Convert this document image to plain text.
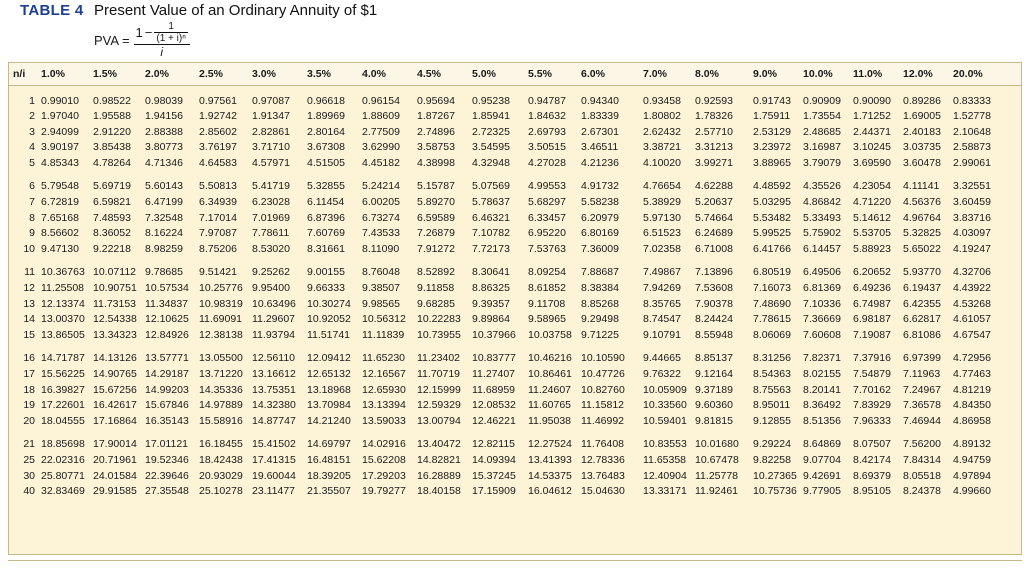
TABLE 4 Present Value of an Ordinary Annuity of $1
PVA = $1 - \frac{1}{\text{(1 + i)ⁿ}}$
i
n/i	1.0%	1.5%	2.0%	2.5%	3.0%	3.5%	4.0%	4.5%	5.0%	5.5%	6.0%	7.0%	8.0%	9.0%	10.0%	11.0%	12.0%	20.0%

1	0.99010	0.98522	0.98039	0.97561	0.97087	0.96618	0.96154	0.95694	0.95238	0.94787	0.94340	0.93458	0.92593	0.91743	0.90909	0.90090	0.89286	0.83333
2	1.97040	1.95588	1.94156	1.92742	1.91347	1.89969	1.88609	1.87267	1.85941	1.84632	1.83339	1.80802	1.78326	1.75911	1.73554	1.71252	1.69005	1.52778
3	2.94099	2.91220	2.88388	2.85602	2.82861	2.80164	2.77509	2.74896	2.72325	2.69793	2.67301	2.62432	2.57710	2.53129	2.48685	2.44371	2.40183	2.10648
4	3.90197	3.85438	3.80773	3.76197	3.71710	3.67308	3.62990	3.58753	3.54595	3.50515	3.46511	3.38721	3.31213	3.23972	3.16987	3.10245	3.03735	2.58873
5	4.85343	4.78264	4.71346	4.64583	4.57971	4.51505	4.45182	4.38998	4.32948	4.27028	4.21236	4.10020	3.99271	3.88965	3.79079	3.69590	3.60478	2.99061

6	5.79548	5.69719	5.60143	5.50813	5.41719	5.32855	5.24214	5.15787	5.07569	4.99553	4.91732	4.76654	4.62288	4.48592	4.35526	4.23054	4.11141	3.32551
7	6.72819	6.59821	6.47199	6.34939	6.23028	6.11454	6.00205	5.89270	5.78637	5.68297	5.58238	5.38929	5.20637	5.03295	4.86842	4.71220	4.56376	3.60459
8	7.65168	7.48593	7.32548	7.17014	7.01969	6.87396	6.73274	6.59589	6.46321	6.33457	6.20979	5.97130	5.74664	5.53482	5.33493	5.14612	4.96764	3.83716
9	8.56602	8.36052	8.16224	7.97087	7.78611	7.60769	7.43533	7.26879	7.10782	6.95220	6.80169	6.51523	6.24689	5.99525	5.75902	5.53705	5.32825	4.03097
10	9.47130	9.22218	8.98259	8.75206	8.53020	8.31661	8.11090	7.91272	7.72173	7.53763	7.36009	7.02358	6.71008	6.41766	6.14457	5.88923	5.65022	4.19247

11	10.36763	10.07112	9.78685	9.51421	9.25262	9.00155	8.76048	8.52892	8.30641	8.09254	7.88687	7.49867	7.13896	6.80519	6.49506	6.20652	5.93770	4.32706
12	11.25508	10.90751	10.57534	10.25776	9.95400	9.66333	9.38507	9.11858	8.86325	8.61852	8.38384	7.94269	7.53608	7.16073	6.81369	6.49236	6.19437	4.43922
13	12.13374	11.73153	11.34837	10.98319	10.63496	10.30274	9.98565	9.68285	9.39357	9.11708	8.85268	8.35765	7.90378	7.48690	7.10336	6.74987	6.42355	4.53268
14	13.00370	12.54338	12.10625	11.69091	11.29607	10.92052	10.56312	10.22283	9.89864	9.58965	9.29498	8.74547	8.24424	7.78615	7.36669	6.98187	6.62817	4.61057
15	13.86505	13.34323	12.84926	12.38138	11.93794	11.51741	11.11839	10.73955	10.37966	10.03758	9.71225	9.10791	8.55948	8.06069	7.60608	7.19087	6.81086	4.67547

16	14.71787	14.13126	13.57771	13.05500	12.56110	12.09412	11.65230	11.23402	10.83777	10.46216	10.10590	9.44665	8.85137	8.31256	7.82371	7.37916	6.97399	4.72956
17	15.56225	14.90765	14.29187	13.71220	13.16612	12.65132	12.16567	11.70719	11.27407	10.86461	10.47726	9.76322	9.12164	8.54363	8.02155	7.54879	7.11963	4.77463
18	16.39827	15.67256	14.99203	14.35336	13.75351	13.18968	12.65930	12.15999	11.68959	11.24607	10.82760	10.05909	9.37189	8.75563	8.20141	7.70162	7.24967	4.81219
19	17.22601	16.42617	15.67846	14.97889	14.32380	13.70984	13.13394	12.59329	12.08532	11.60765	11.15812	10.33560	9.60360	8.95011	8.36492	7.83929	7.36578	4.84350
20	18.04555	17.16864	16.35143	15.58916	14.87747	14.21240	13.59033	13.00794	12.46221	11.95038	11.46992	10.59401	9.81815	9.12855	8.51356	7.96333	7.46944	4.86958

21	18.85698	17.90014	17.01121	16.18455	15.41502	14.69797	14.02916	13.40472	12.82115	12.27524	11.76408	10.83553	10.01680	9.29224	8.64869	8.07507	7.56200	4.89132
25	22.02316	20.71961	19.52346	18.42438	17.41315	16.48151	15.62208	14.82821	14.09394	13.41393	12.78336	11.65358	10.67478	9.82258	9.07704	8.42174	7.84314	4.94759
30	25.80771	24.01584	22.39646	20.93029	19.60044	18.39205	17.29203	16.28889	15.37245	14.53375	13.76483	12.40904	11.25778	10.27365	9.42691	8.69379	8.05518	4.97894
40	32.83469	29.91585	27.35548	25.10278	23.11477	21.35507	19.79277	18.40158	17.15909	16.04612	15.04630	13.33171	11.92461	10.75736	9.77905	8.95105	8.24378	4.99660
